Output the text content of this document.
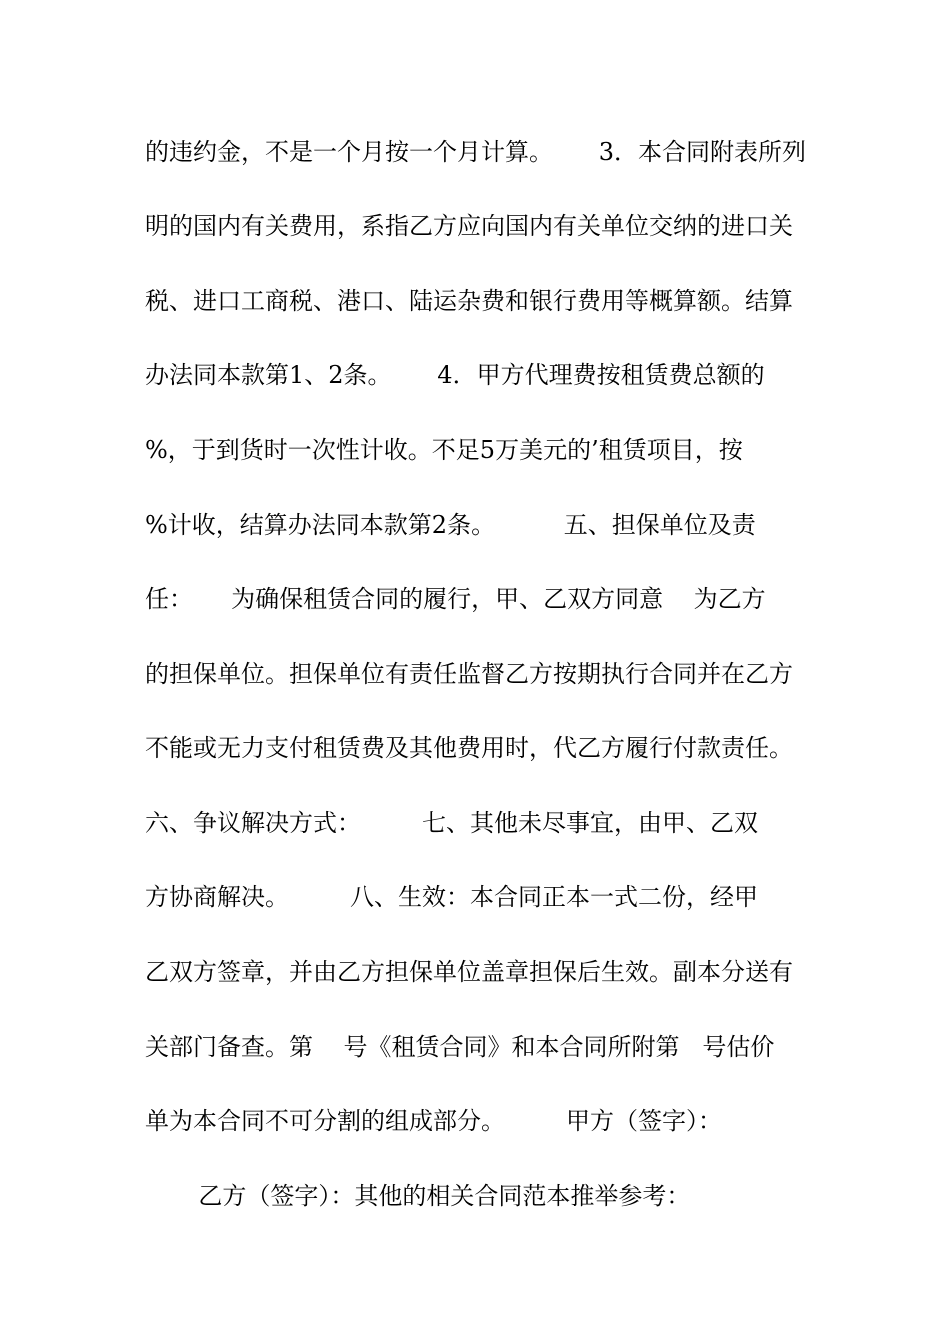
的违约金，不是一个月按一个月计算。      3．本合同附表所列
明的国内有关费用，系指乙方应向国内有关单位交纳的进口关
税、进口工商税、港口、陆运杂费和银行费用等概算额。结算
办法同本款第1、2条。      4．甲方代理费按租赁费总额的
%，于到货时一次性计收。不足5万美元的’租赁项目，按
%计收，结算办法同本款第2条。         五、担保单位及责
任：     为确保租赁合同的履行，甲、乙双方同意    为乙方
的担保单位。担保单位有责任监督乙方按期执行合同并在乙方
不能或无力支付租赁费及其他费用时，代乙方履行付款责任。
六、争议解决方式：        七、其他未尽事宜，由甲、乙双
方协商解决。        八、生效：本合同正本一式二份，经甲
乙双方签章，并由乙方担保单位盖章担保后生效。副本分送有
关部门备查。第    号《租赁合同》和本合同所附第   号估价
单为本合同不可分割的组成部分。        甲方（签字）：
乙方（签字）：其他的相关合同范本推举参考：
